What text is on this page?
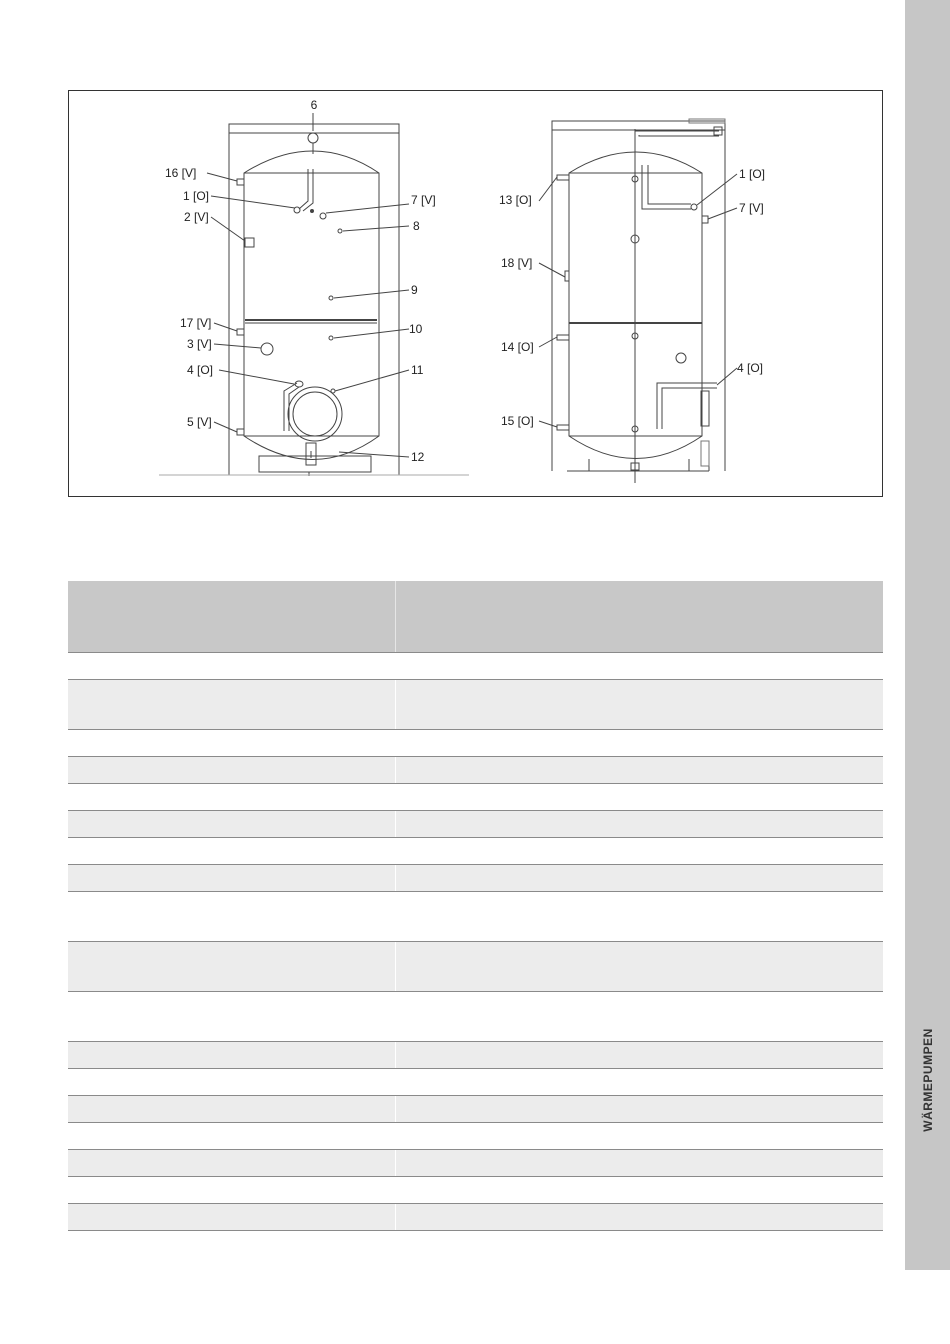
WÄRMEPUMPEN
6
16 [V]
1 [O]	7 [V]
2 [V]
8
9
17 [V]	10
3 [V]
4 [O]	11
5 [V]
12
1 [O]
13 [O]
7 [V]
18 [V]
14 [O]
4 [O]
15 [O]
